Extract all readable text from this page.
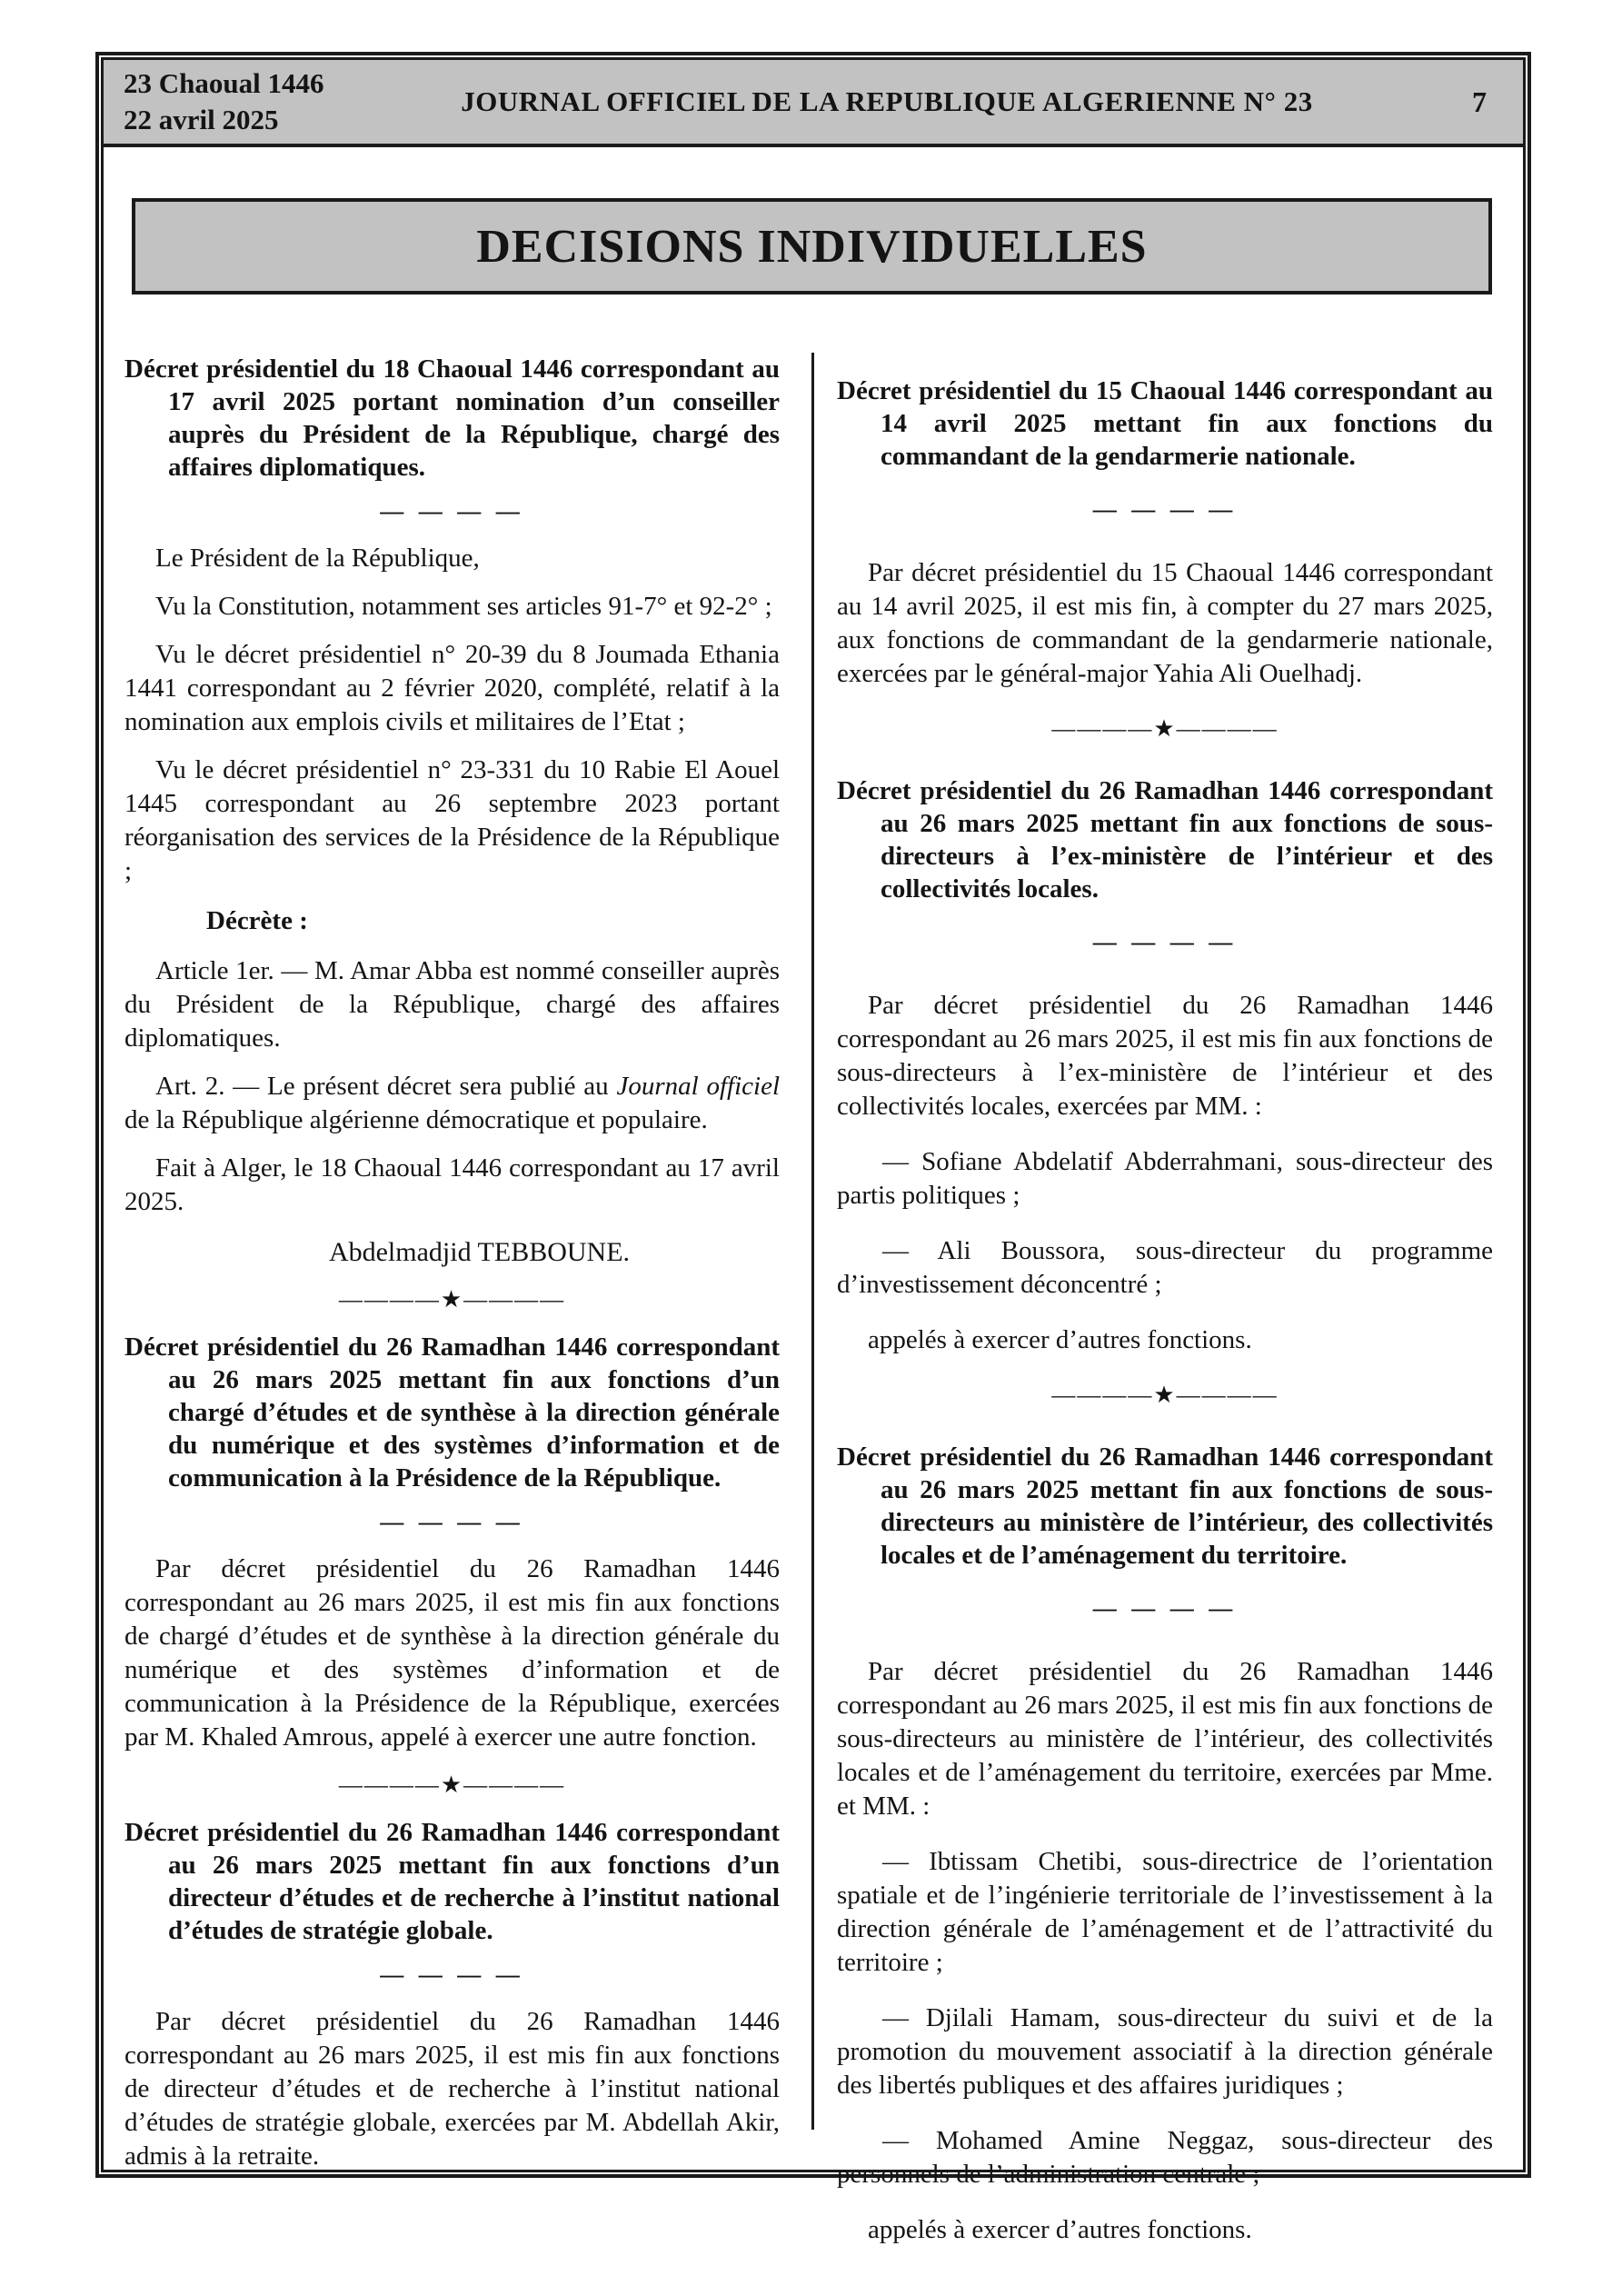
23 Chaoual 1446
22 avril 2025
JOURNAL OFFICIEL DE LA REPUBLIQUE ALGERIENNE N° 23	7
DECISIONS INDIVIDUELLES

Décret présidentiel du 18 Chaoual 1446 correspondant au 17 avril 2025 portant nomination d’un conseiller auprès du Président de la République, chargé des affaires diplomatiques.

— — — —

Le Président de la République,

Vu la Constitution, notamment ses articles 91-7° et 92-2° ;

Vu le décret présidentiel n° 20-39 du 8 Joumada Ethania 1441 correspondant au 2 février 2020, complété, relatif à la nomination aux emplois civils et militaires de l’Etat ;

Vu le décret présidentiel n° 23-331 du 10 Rabie El Aouel 1445 correspondant au 26 septembre 2023 portant réorganisation des services de la Présidence de la République ;

Décrète :

Article 1er. — M. Amar Abba est nommé conseiller auprès du Président de la République, chargé des affaires diplomatiques.

Art. 2. — Le présent décret sera publié au Journal officiel de la République algérienne démocratique et populaire.

Fait à Alger, le 18 Chaoual 1446 correspondant au 17 avril 2025.

Abdelmadjid TEBBOUNE.

————★————

Décret présidentiel du 26 Ramadhan 1446 correspondant au 26 mars 2025 mettant fin aux fonctions d’un chargé d’études et de synthèse à la direction générale du numérique et des systèmes d’information et de communication à la Présidence de la République.

— — — —

Par décret présidentiel du 26 Ramadhan 1446 correspondant au 26 mars 2025, il est mis fin aux fonctions de chargé d’études et de synthèse à la direction générale du numérique et des systèmes d’information et de communication à la Présidence de la République, exercées par M. Khaled Amrous, appelé à exercer une autre fonction.

————★————

Décret présidentiel du 26 Ramadhan 1446 correspondant au 26 mars 2025 mettant fin aux fonctions d’un directeur d’études et de recherche à l’institut national d’études de stratégie globale.

— — — —

Par décret présidentiel du 26 Ramadhan 1446 correspondant au 26 mars 2025, il est mis fin aux fonctions de directeur d’études et de recherche à l’institut national d’études de stratégie globale, exercées par M. Abdellah Akir, admis à la retraite.

Décret présidentiel du 15 Chaoual 1446 correspondant au 14 avril 2025 mettant fin aux fonctions du commandant de la gendarmerie nationale.

— — — —

Par décret présidentiel du 15 Chaoual 1446 correspondant au 14 avril 2025, il est mis fin, à compter du 27 mars 2025, aux fonctions de commandant de la gendarmerie nationale, exercées par le général-major Yahia Ali Ouelhadj.

————★————

Décret présidentiel du 26 Ramadhan 1446 correspondant au 26 mars 2025 mettant fin aux fonctions de sous-directeurs à l’ex-ministère de l’intérieur et des collectivités locales.

— — — —

Par décret présidentiel du 26 Ramadhan 1446 correspondant au 26 mars 2025, il est mis fin aux fonctions de sous-directeurs à l’ex-ministère de l’intérieur et des collectivités locales, exercées par MM. :

— Sofiane Abdelatif Abderrahmani, sous-directeur des partis politiques ;

— Ali Boussora, sous-directeur du programme d’investissement déconcentré ;

appelés à exercer d’autres fonctions.

————★————

Décret présidentiel du 26 Ramadhan 1446 correspondant au 26 mars 2025 mettant fin aux fonctions de sous-directeurs au ministère de l’intérieur, des collectivités locales et de l’aménagement du territoire.

— — — —

Par décret présidentiel du 26 Ramadhan 1446 correspondant au 26 mars 2025, il est mis fin aux fonctions de sous-directeurs au ministère de l’intérieur, des collectivités locales et de l’aménagement du territoire, exercées par Mme. et MM. :

— Ibtissam Chetibi, sous-directrice de l’orientation spatiale et de l’ingénierie territoriale de l’investissement à la direction générale de l’aménagement et de l’attractivité du territoire ;

— Djilali Hamam, sous-directeur du suivi et de la promotion du mouvement associatif à la direction générale des libertés publiques et des affaires juridiques ;

— Mohamed Amine Neggaz, sous-directeur des personnels de l’administration centrale ;

appelés à exercer d’autres fonctions.
